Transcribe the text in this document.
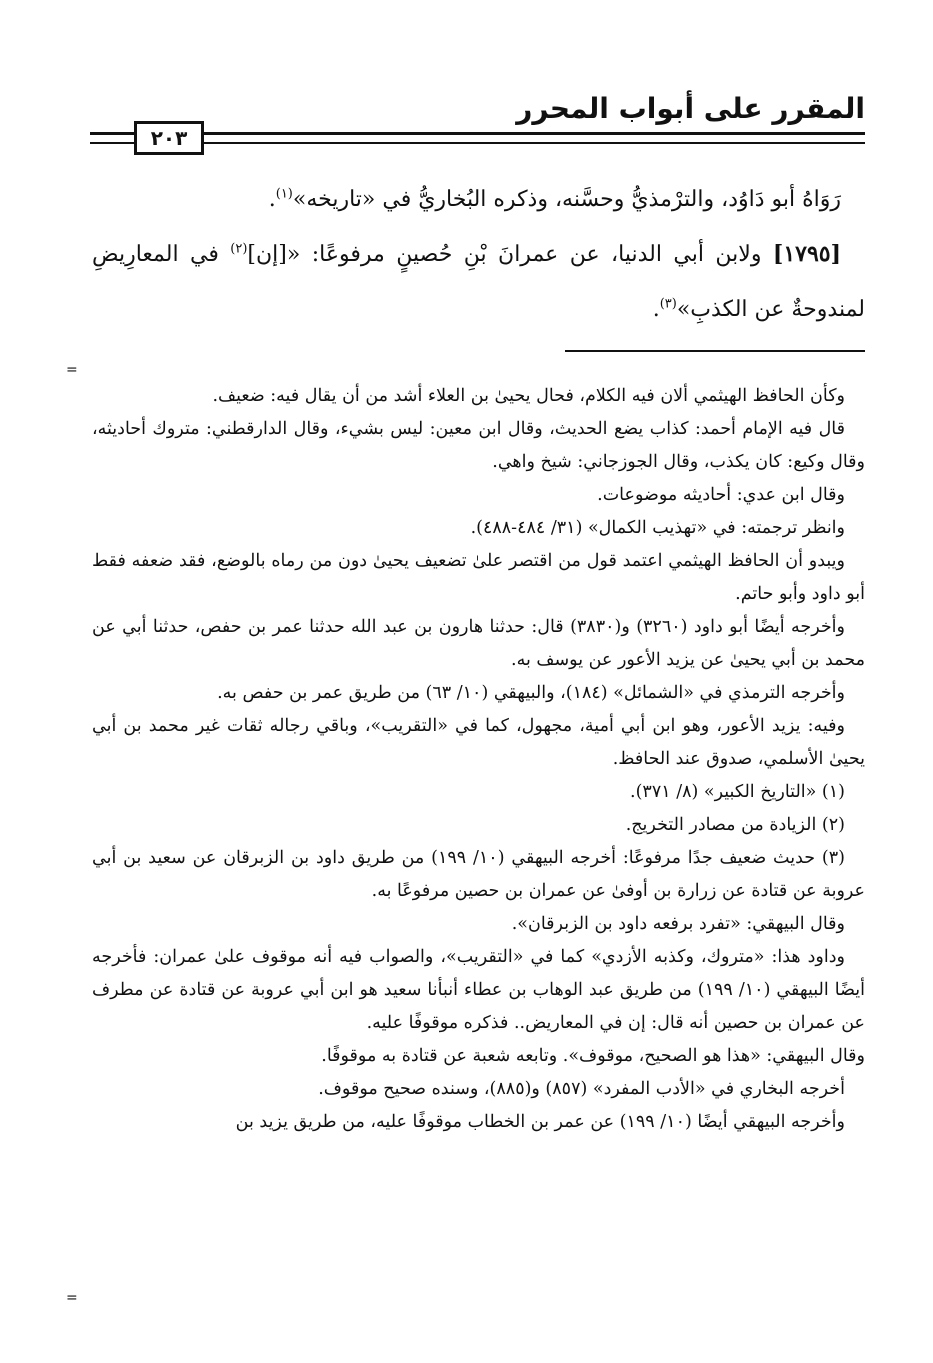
المقرر على أبواب المحرر
٢٠٣

رَوَاهُ أبو دَاوُد، والترْمذيُّ وحسَّنه، وذكره البُخاريُّ في «تاريخه»$^{(١)}$.

[١٧٩٥] ولابن أبي الدنيا، عن عمرانَ بْنِ حُصينٍ مرفوعًا: «[إن]$^{(٢)}$ في المعارِيضِ لمندوحةٌ عن الكذبِ»$^{(٣)}$.

=

وكأن الحافظ الهيثمي ألان فيه الكلام، فحال يحيىٰ بن العلاء أشد من أن يقال فيه: ضعيف.

قال فيه الإمام أحمد: كذاب يضع الحديث، وقال ابن معين: ليس بشيء، وقال الدارقطني: متروك أحاديثه، وقال وكيع: كان يكذب، وقال الجوزجاني: شيخ واهي.

وقال ابن عدي: أحاديثه موضوعات.

وانظر ترجمته: في «تهذيب الكمال» (٣١/ ٤٨٤-٤٨٨).

ويبدو أن الحافظ الهيثمي اعتمد قول من اقتصر علىٰ تضعيف يحيىٰ دون من رماه بالوضع، فقد ضعفه فقط أبو داود وأبو حاتم.

وأخرجه أيضًا أبو داود (٣٢٦٠) و(٣٨٣٠) قال: حدثنا هارون بن عبد الله حدثنا عمر بن حفص، حدثنا أبي عن محمد بن أبي يحيىٰ عن يزيد الأعور عن يوسف به.

وأخرجه الترمذي في «الشمائل» (١٨٤)، والبيهقي (١٠/ ٦٣) من طريق عمر بن حفص به.

وفيه: يزيد الأعور، وهو ابن أبي أمية، مجهول، كما في «التقريب»، وباقي رجاله ثقات غير محمد بن أبي يحيىٰ الأسلمي، صدوق عند الحافظ.

(١) «التاريخ الكبير» (٨/ ٣٧١).

(٢) الزيادة من مصادر التخريج.

(٣) حديث ضعيف جدًا مرفوعًا: أخرجه البيهقي (١٠/ ١٩٩) من طريق داود بن الزبرقان عن سعيد بن أبي عروبة عن قتادة عن زرارة بن أوفىٰ عن عمران بن حصين مرفوعًا به.

وقال البيهقي: «تفرد برفعه داود بن الزبرقان».

وداود هذا: «متروك، وكذبه الأزدي» كما في «التقريب»، والصواب فيه أنه موقوف علىٰ عمران: فأخرجه أيضًا البيهقي (١٠/ ١٩٩) من طريق عبد الوهاب بن عطاء أنبأنا سعيد هو ابن أبي عروبة عن قتادة عن مطرف عن عمران بن حصين أنه قال: إن في المعاريض.. فذكره موقوفًا عليه.

وقال البيهقي: «هذا هو الصحيح، موقوف». وتابعه شعبة عن قتادة به موقوفًا.

أخرجه البخاري في «الأدب المفرد» (٨٥٧) و(٨٨٥)، وسنده صحيح موقوف.

وأخرجه البيهقي أيضًا (١٠/ ١٩٩) عن عمر بن الخطاب موقوفًا عليه، من طريق يزيد بن

=
